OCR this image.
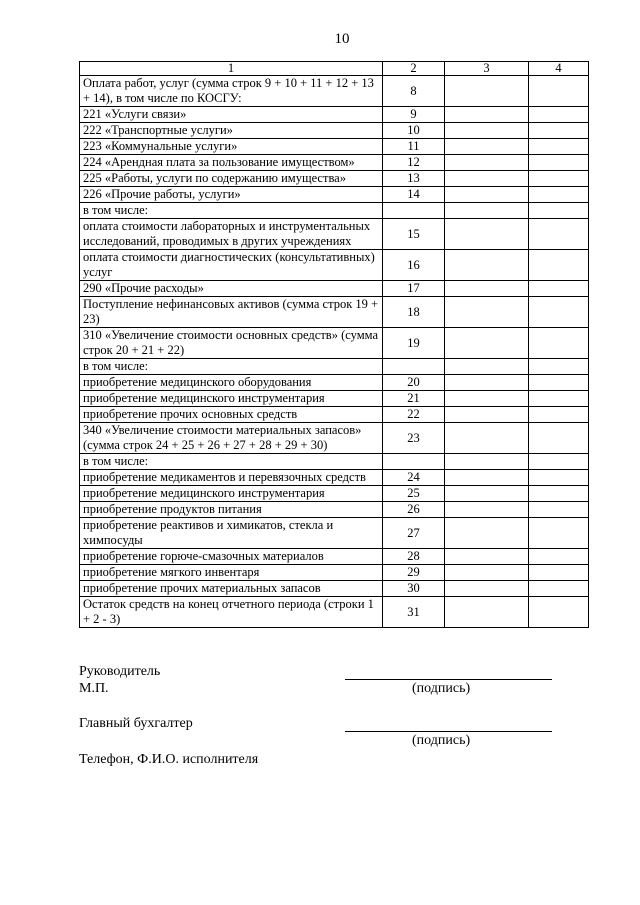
10
1	2	3	4
Оплата работ, услуг (сумма строк 9 + 10 + 11 + 12 + 13 + 14), в том числе по КОСГУ:	8		
221 «Услуги связи»	9		
222 «Транспортные услуги»	10		
223 «Коммунальные услуги»	11		
224 «Арендная плата за пользование имуществом»	12		
225 «Работы, услуги по содержанию имущества»	13		
226 «Прочие работы, услуги»	14		
в том числе:			
оплата стоимости лабораторных и инструментальных исследований, проводимых в других учреждениях	15		
оплата стоимости диагностических (консультативных) услуг	16		
290 «Прочие расходы»	17		
Поступление нефинансовых активов (сумма строк 19 + 23)	18		
310 «Увеличение стоимости основных средств» (сумма строк 20 + 21 + 22)	19		
в том числе:			
приобретение медицинского оборудования	20		
приобретение медицинского инструментария	21		
приобретение прочих основных средств	22		
340 «Увеличение стоимости материальных запасов» (сумма строк 24 + 25 + 26 + 27 + 28 + 29 + 30)	23		
в том числе:			
приобретение медикаментов и перевязочных средств	24		
приобретение медицинского инструментария	25		
приобретение продуктов питания	26		
приобретение реактивов и химикатов, стекла и химпосуды	27		
приобретение горюче-смазочных материалов	28		
приобретение мягкого инвентаря	29		
приобретение прочих материальных запасов	30		
Остаток средств на конец отчетного периода (строки 1 + 2 - 3)	31		
Руководитель
М.П.	(подпись)
Главный бухгалтер
(подпись)
Телефон, Ф.И.О. исполнителя
